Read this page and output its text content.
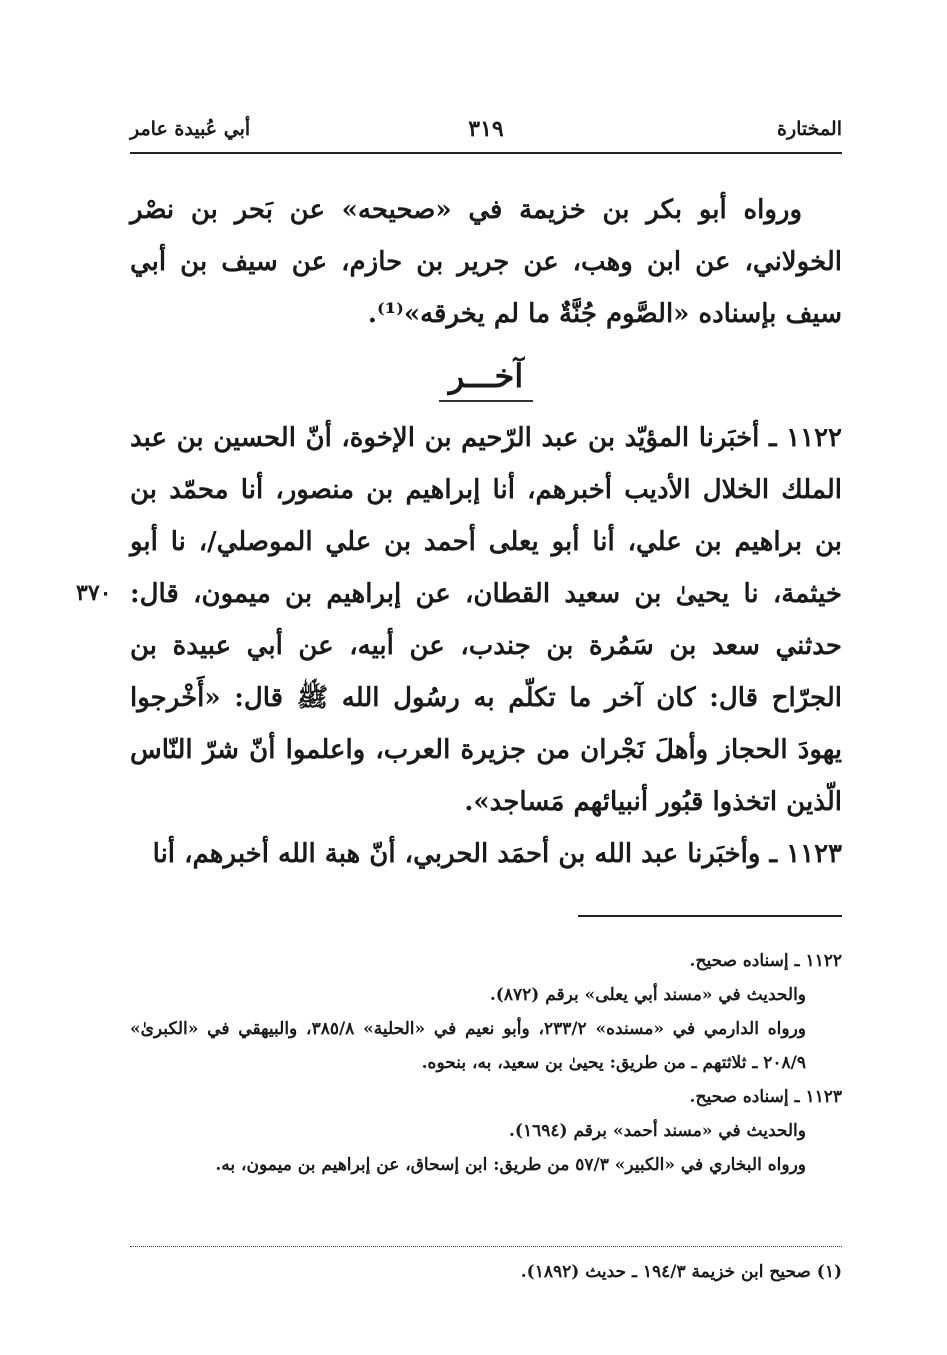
المختارة
٣١٩
أبي عُبيدة عامر

ورواه أبو بكر بن خزيمة في «صحيحه» عن بَحر بن نصْر الخولاني، عن ابن وهب، عن جرير بن حازم، عن سيف بن أبي سيف بإسناده «الصَّوم جُنَّةٌ ما لم يخرقه»⁽¹⁾.

آخـــر

١١٢٢ ـ أخبَرنا المؤيّد بن عبد الرّحيم بن الإخوة، أنّ الحسين بن عبد الملك الخلال الأديب أخبرهم، أنا إبراهيم بن منصور، أنا محمّد بن بن براهيم بن علي، أنا أبو يعلى أحمد بن علي الموصلي/، نا أبو خيثمة، نا يحيىٰ بن سعيد القطان، عن إبراهيم بن ميمون، قال: حدثني سعد بن سَمُرة بن جندب، عن أبيه، عن أبي عبيدة بن الجرّاح قال: كان آخر ما تكلّم به رسُول الله ﷺ قال: «أَخْرجوا يهودَ الحجاز وأهلَ نَجْران من جزيرة العرب، واعلموا أنّ شرّ النّاس الّذين اتخذوا قبُور أنبيائهم مَساجد».

١١٢٣ ـ وأخبَرنا عبد الله بن أحمَد الحربي، أنّ هبة الله أخبرهم، أنا

٣٧٠

١١٢٢ ـ إسناده صحيح.

والحديث في «مسند أبي يعلى» برقم (٨٧٢).

ورواه الدارمي في «مسنده» ٢٣٣/٢، وأبو نعيم في «الحلية» ٣٨٥/٨، والبيهقي في «الكبرىٰ» ٢٠٨/٩ ـ ثلاثتهم ـ من طريق: يحيىٰ بن سعيد، به، بنحوه.

١١٢٣ ـ إسناده صحيح.

والحديث في «مسند أحمد» برقم (١٦٩٤).

ورواه البخاري في «الكبير» ٥٧/٣ من طريق: ابن إسحاق، عن إبراهيم بن ميمون، به.

(١) صحيح ابن خزيمة ١٩٤/٣ ـ حديث (١٨٩٢).
